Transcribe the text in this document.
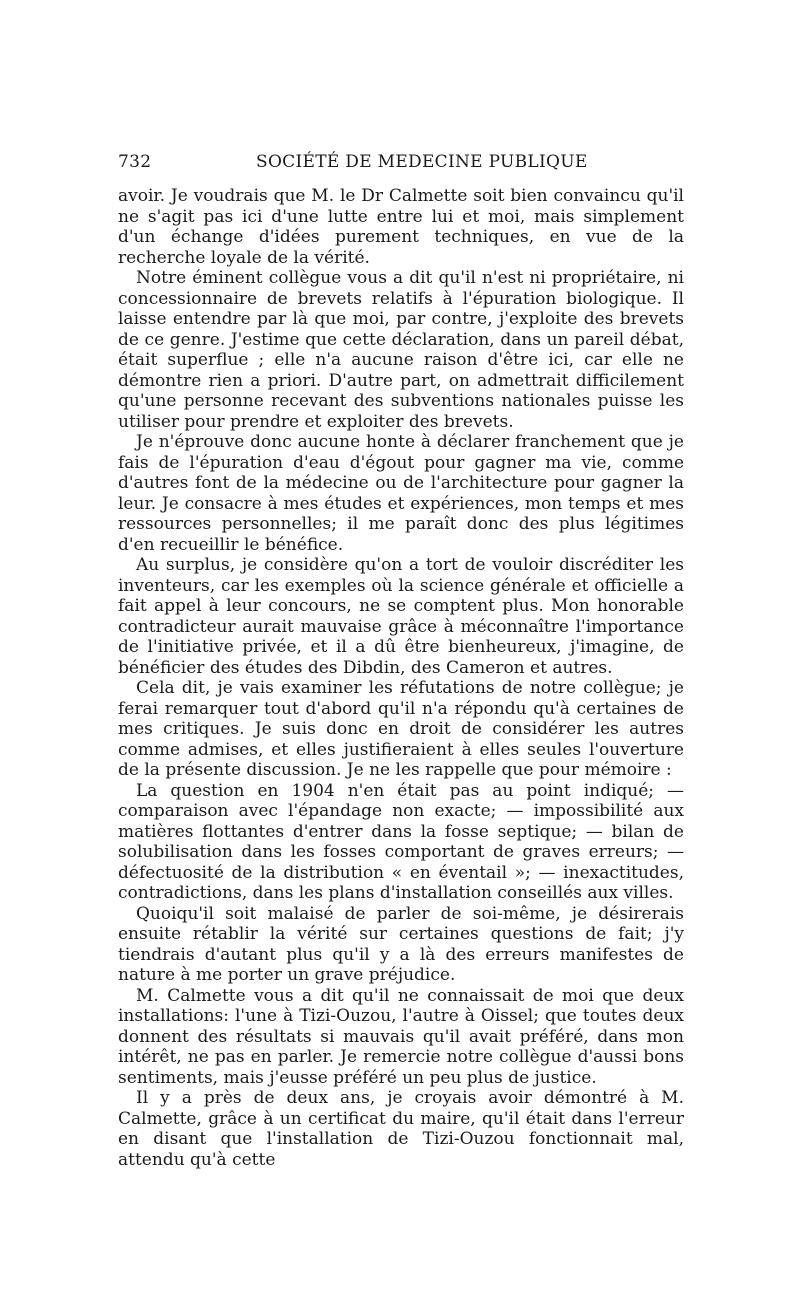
732	SOCIÉTÉ DE MEDECINE PUBLIQUE

avoir. Je voudrais que M. le Dr Calmette soit bien convaincu qu'il ne s'agit pas ici d'une lutte entre lui et moi, mais simplement d'un échange d'idées purement techniques, en vue de la recherche loyale de la vérité.

Notre éminent collègue vous a dit qu'il n'est ni propriétaire, ni concessionnaire de brevets relatifs à l'épuration biologique. Il laisse entendre par là que moi, par contre, j'exploite des brevets de ce genre. J'estime que cette déclaration, dans un pareil débat, était superflue ; elle n'a aucune raison d'être ici, car elle ne démontre rien a priori. D'autre part, on admettrait difficilement qu'une personne recevant des subventions nationales puisse les utiliser pour prendre et exploiter des brevets.

Je n'éprouve donc aucune honte à déclarer franchement que je fais de l'épuration d'eau d'égout pour gagner ma vie, comme d'autres font de la médecine ou de l'architecture pour gagner la leur. Je consacre à mes études et expériences, mon temps et mes ressources personnelles; il me paraît donc des plus légitimes d'en recueillir le bénéfice.

Au surplus, je considère qu'on a tort de vouloir discréditer les inventeurs, car les exemples où la science générale et officielle a fait appel à leur concours, ne se comptent plus. Mon honorable contradicteur aurait mauvaise grâce à méconnaître l'importance de l'initiative privée, et il a dû être bienheureux, j'imagine, de bénéficier des études des Dibdin, des Cameron et autres.

Cela dit, je vais examiner les réfutations de notre collègue; je ferai remarquer tout d'abord qu'il n'a répondu qu'à certaines de mes critiques. Je suis donc en droit de considérer les autres comme admises, et elles justifieraient à elles seules l'ouverture de la présente discussion. Je ne les rappelle que pour mémoire :

La question en 1904 n'en était pas au point indiqué; — comparaison avec l'épandage non exacte; — impossibilité aux matières flottantes d'entrer dans la fosse septique; — bilan de solubilisation dans les fosses comportant de graves erreurs; — défectuosité de la distribution « en éventail »; — inexactitudes, contradictions, dans les plans d'installation conseillés aux villes.

Quoiqu'il soit malaisé de parler de soi-même, je désirerais ensuite rétablir la vérité sur certaines questions de fait; j'y tiendrais d'autant plus qu'il y a là des erreurs manifestes de nature à me porter un grave préjudice.

M. Calmette vous a dit qu'il ne connaissait de moi que deux installations: l'une à Tizi-Ouzou, l'autre à Oissel; que toutes deux donnent des résultats si mauvais qu'il avait préféré, dans mon intérêt, ne pas en parler. Je remercie notre collègue d'aussi bons sentiments, mais j'eusse préféré un peu plus de justice.

Il y a près de deux ans, je croyais avoir démontré à M. Calmette, grâce à un certificat du maire, qu'il était dans l'erreur en disant que l'installation de Tizi-Ouzou fonctionnait mal, attendu qu'à cette
